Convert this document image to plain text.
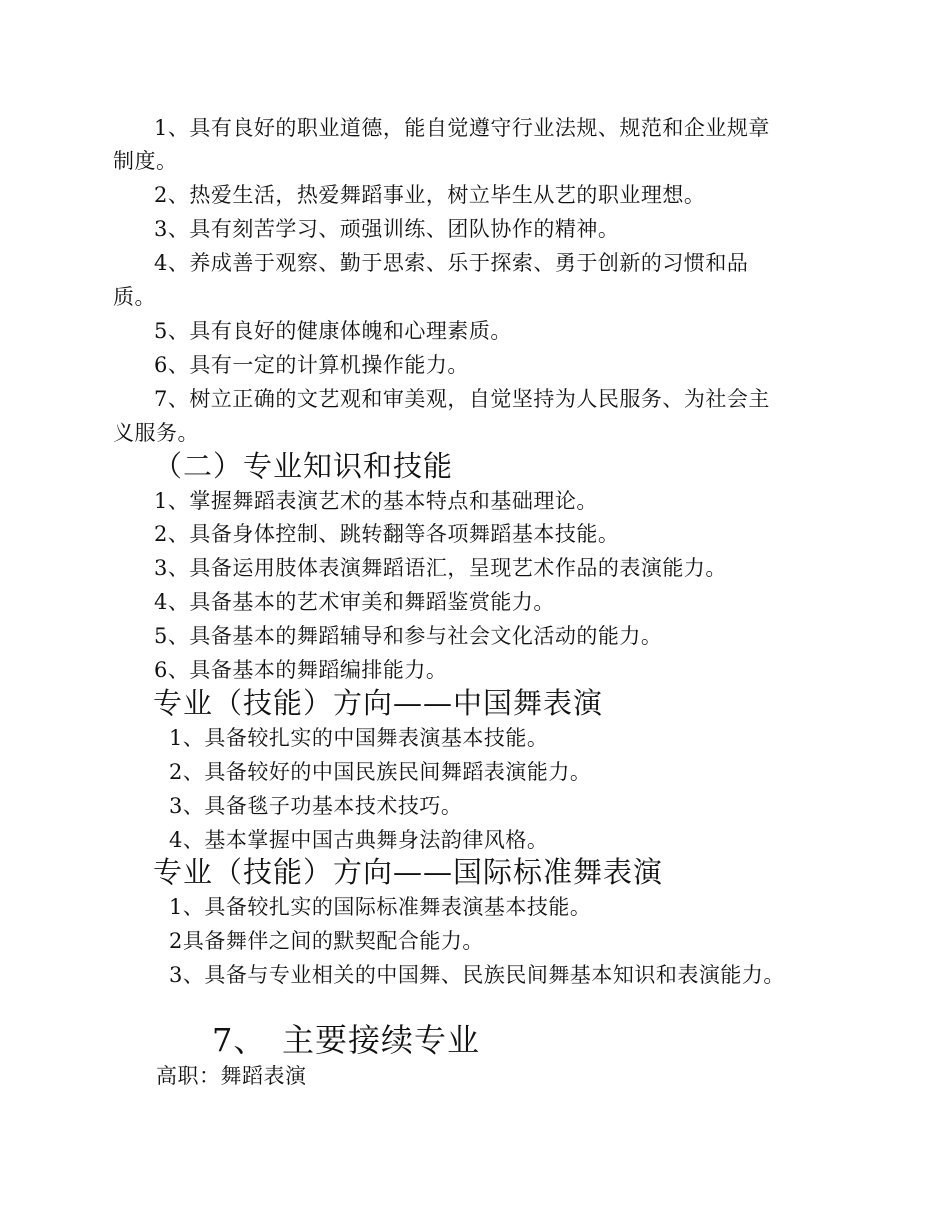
1、具有良好的职业道德，能自觉遵守行业法规、规范和企业规章
制度。
2、热爱生活，热爱舞蹈事业，树立毕生从艺的职业理想。
3、具有刻苦学习、顽强训练、团队协作的精神。
4、养成善于观察、勤于思索、乐于探索、勇于创新的习惯和品
质。
5、具有良好的健康体魄和心理素质。
6、具有一定的计算机操作能力。
7、树立正确的文艺观和审美观，自觉坚持为人民服务、为社会主
义服务。
（二）专业知识和技能
1、掌握舞蹈表演艺术的基本特点和基础理论。
2、具备身体控制、跳转翻等各项舞蹈基本技能。
3、具备运用肢体表演舞蹈语汇，呈现艺术作品的表演能力。
4、具备基本的艺术审美和舞蹈鉴赏能力。
5、具备基本的舞蹈辅导和参与社会文化活动的能力。
6、具备基本的舞蹈编排能力。
专业（技能）方向——中国舞表演
1、具备较扎实的中国舞表演基本技能。
2、具备较好的中国民族民间舞蹈表演能力。
3、具备毯子功基本技术技巧。
4、基本掌握中国古典舞身法韵律风格。
专业（技能）方向——国际标准舞表演
1、具备较扎实的国际标准舞表演基本技能。
2具备舞伴之间的默契配合能力。
3、具备与专业相关的中国舞、民族民间舞基本知识和表演能力。
7、 主要接续专业
高职：舞蹈表演
